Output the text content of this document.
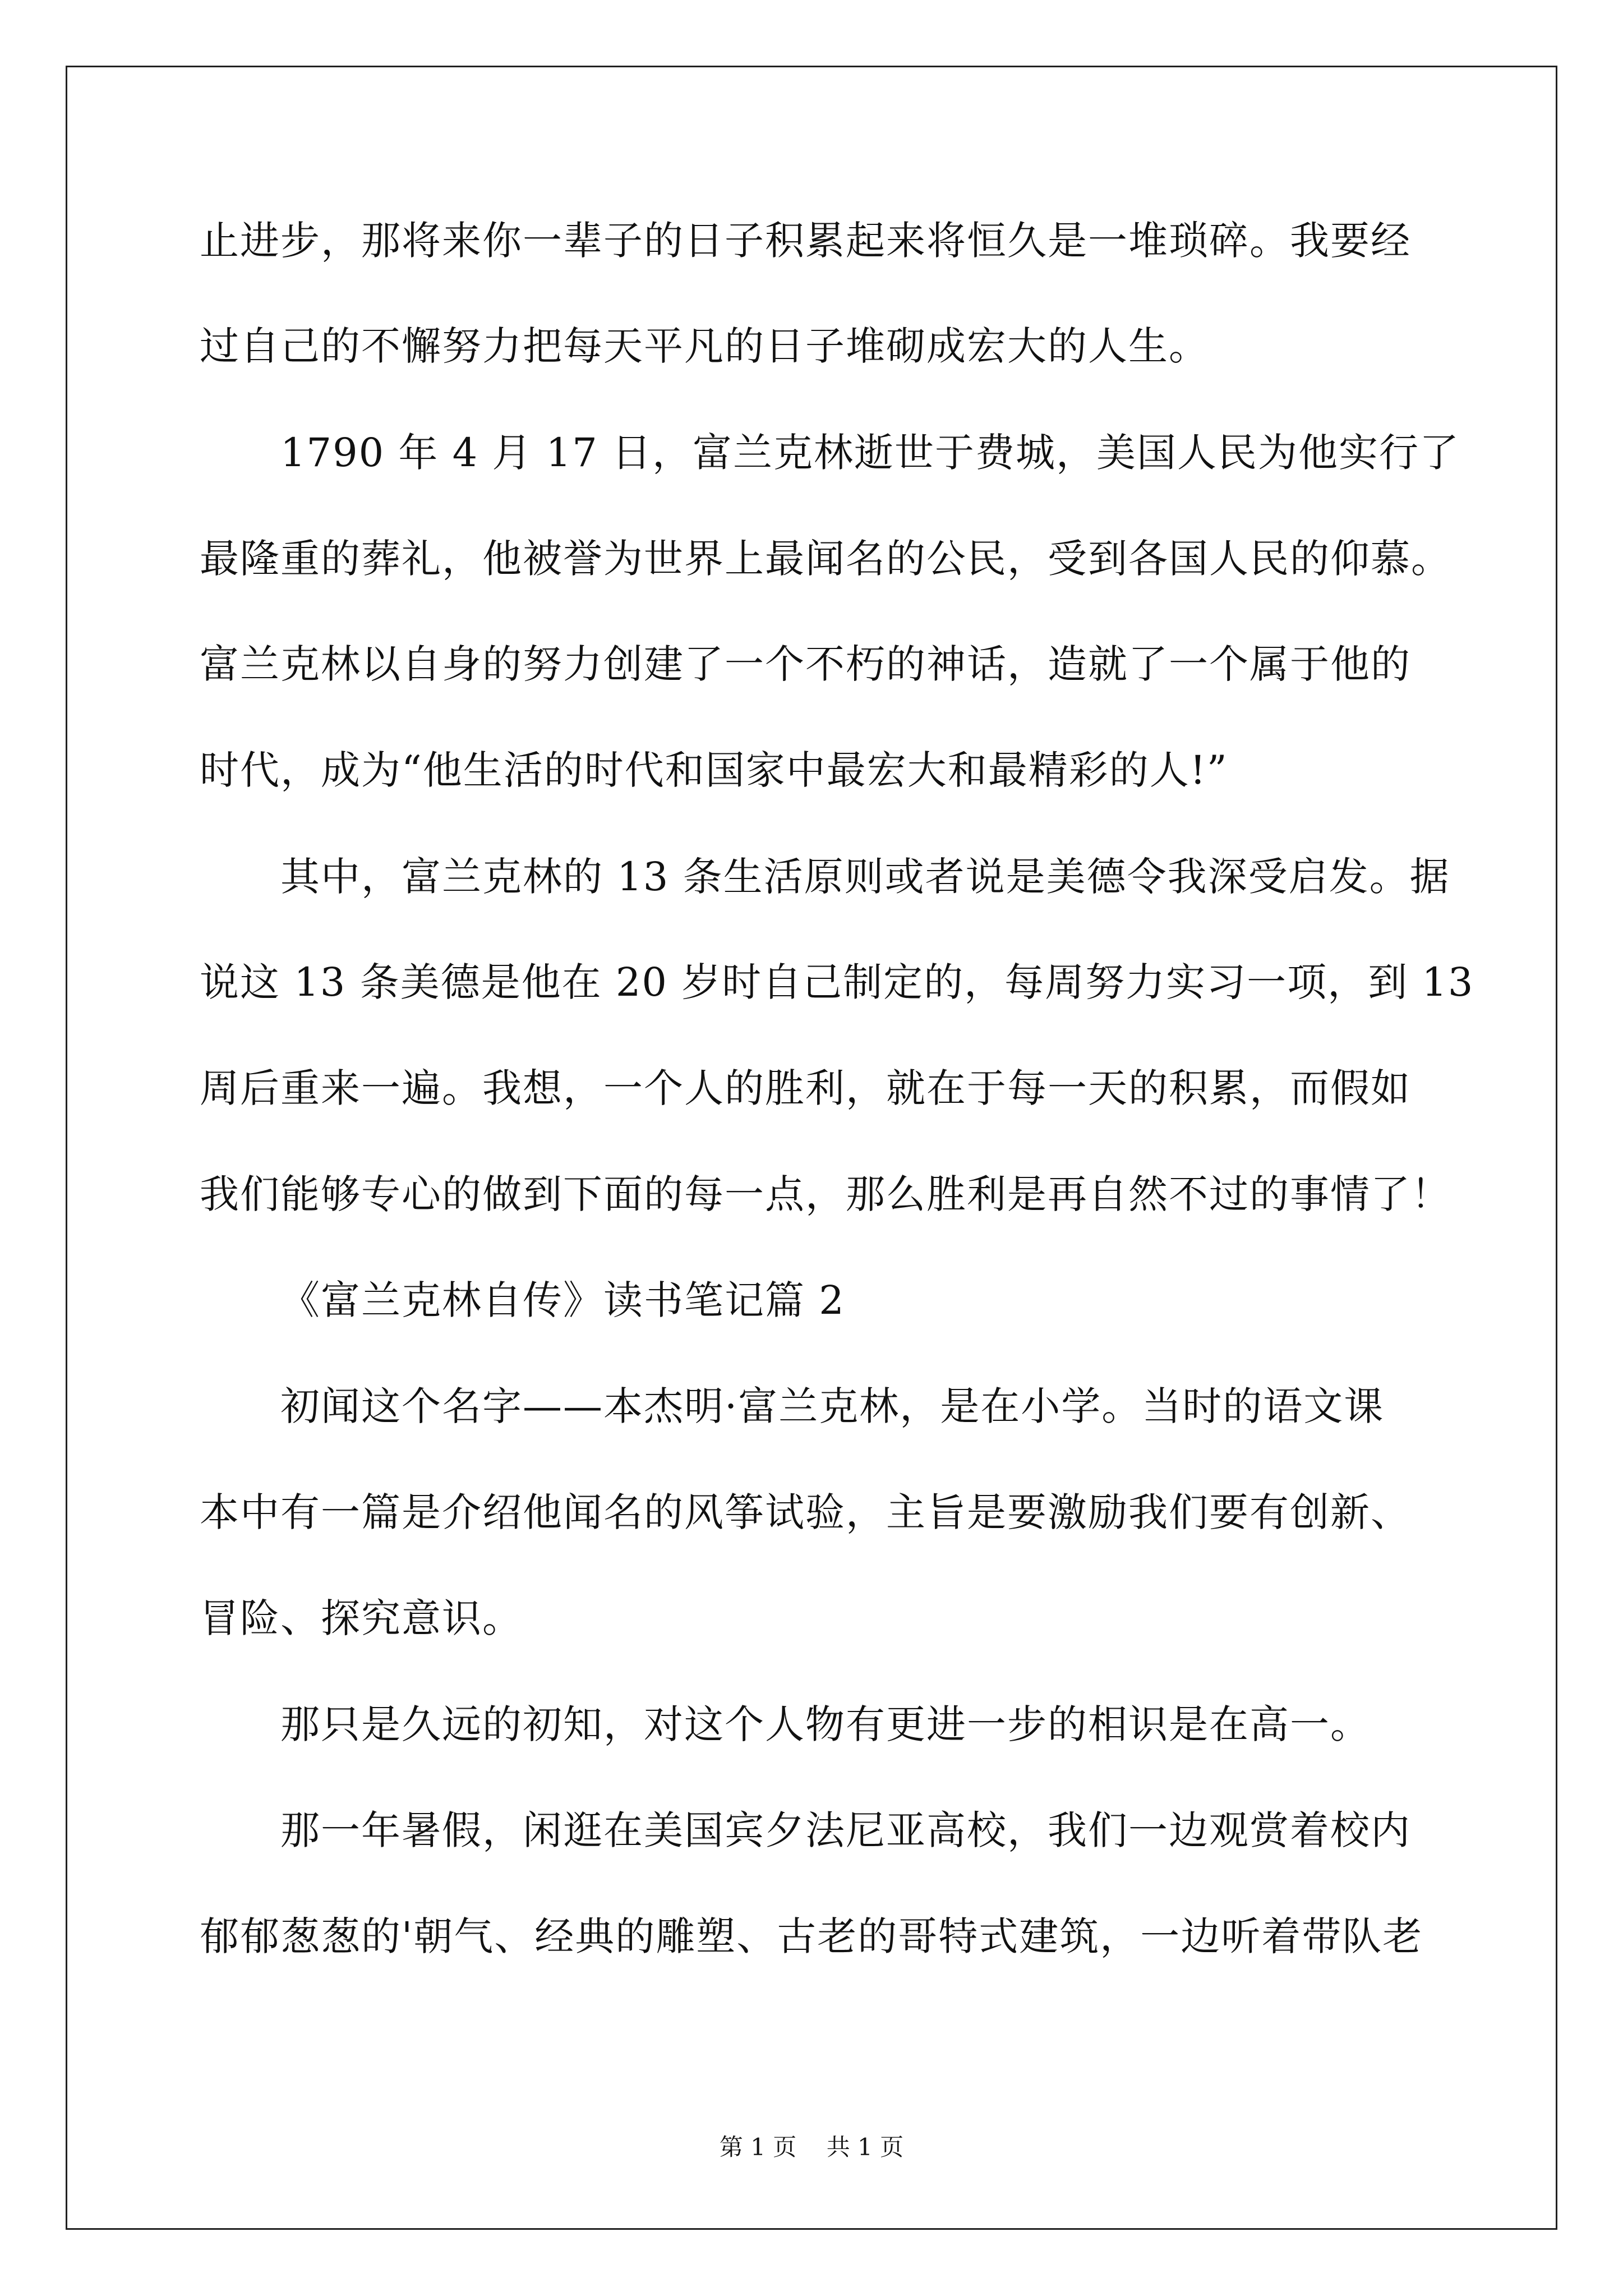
止进步，那将来你一辈子的日子积累起来将恒久是一堆琐碎。我要经
过自己的不懈努力把每天平凡的日子堆砌成宏大的人生。
1790 年 4 月 17 日，富兰克林逝世于费城，美国人民为他实行了
最隆重的葬礼，他被誉为世界上最闻名的公民，受到各国人民的仰慕。
富兰克林以自身的努力创建了一个不朽的神话，造就了一个属于他的
时代，成为“他生活的时代和国家中最宏大和最精彩的人!”
其中，富兰克林的 13 条生活原则或者说是美德令我深受启发。据
说这 13 条美德是他在 20 岁时自己制定的，每周努力实习一项，到 13
周后重来一遍。我想，一个人的胜利，就在于每一天的积累，而假如
我们能够专心的做到下面的每一点，那么胜利是再自然不过的事情了！
《富兰克林自传》读书笔记篇 2
初闻这个名字——本杰明·富兰克林，是在小学。当时的语文课
本中有一篇是介绍他闻名的风筝试验，主旨是要激励我们要有创新、
冒险、探究意识。
那只是久远的初知，对这个人物有更进一步的相识是在高一。
那一年暑假，闲逛在美国宾夕法尼亚高校，我们一边观赏着校内
郁郁葱葱的'朝气、经典的雕塑、古老的哥特式建筑，一边听着带队老
第 1 页    共 1 页
